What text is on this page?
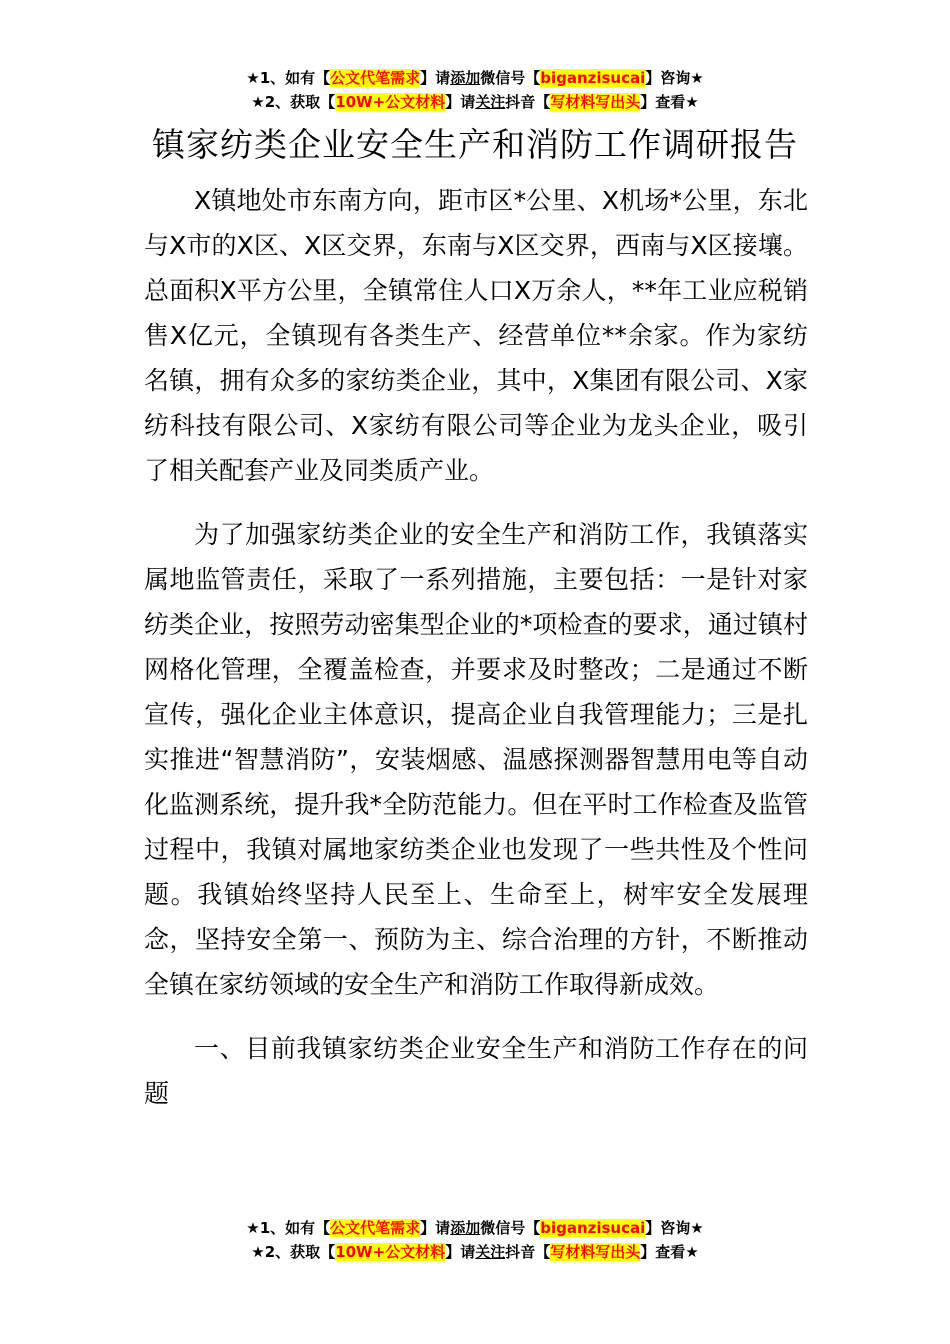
★1、如有【公文代笔需求】请添加微信号【biganzisucai】咨询★
★2、获取【10W+公文材料】请关注抖音【写材料写出头】查看★
镇家纺类企业安全生产和消防工作调研报告

X镇地处市东南方向，距市区*公里、X机场*公里，东北与X市的X区、X区交界，东南与X区交界，西南与X区接壤。总面积X平方公里，全镇常住人口X万余人，**年工业应税销售X亿元，全镇现有各类生产、经营单位**余家。作为家纺名镇，拥有众多的家纺类企业，其中，X集团有限公司、X家纺科技有限公司、X家纺有限公司等企业为龙头企业，吸引了相关配套产业及同类质产业。

为了加强家纺类企业的安全生产和消防工作，我镇落实属地监管责任，采取了一系列措施，主要包括：一是针对家纺类企业，按照劳动密集型企业的*项检查的要求，通过镇村网格化管理，全覆盖检查，并要求及时整改；二是通过不断宣传，强化企业主体意识，提高企业自我管理能力；三是扎实推进“智慧消防”，安装烟感、温感探测器智慧用电等自动化监测系统，提升我*全防范能力。但在平时工作检查及监管过程中，我镇对属地家纺类企业也发现了一些共性及个性问题。我镇始终坚持人民至上、生命至上，树牢安全发展理念，坚持安全第一、预防为主、综合治理的方针，不断推动全镇在家纺领域的安全生产和消防工作取得新成效。

一、目前我镇家纺类企业安全生产和消防工作存在的问题

★1、如有【公文代笔需求】请添加微信号【biganzisucai】咨询★
★2、获取【10W+公文材料】请关注抖音【写材料写出头】查看★
